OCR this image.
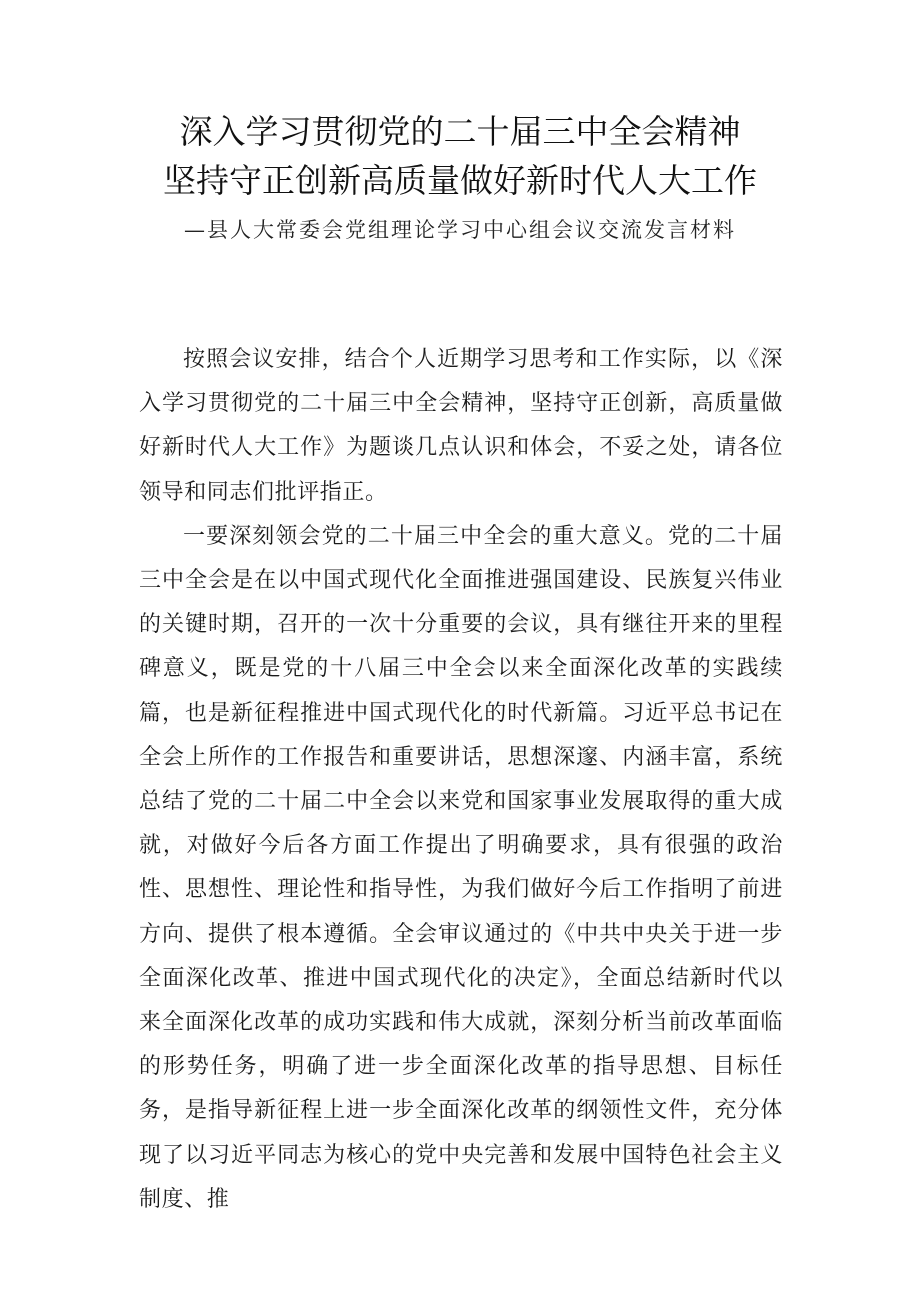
深入学习贯彻党的二十届三中全会精神
坚持守正创新高质量做好新时代人大工作
—县人大常委会党组理论学习中心组会议交流发言材料

按照会议安排，结合个人近期学习思考和工作实际，以《深入学习贯彻党的二十届三中全会精神，坚持守正创新，高质量做好新时代人大工作》为题谈几点认识和体会，不妥之处，请各位领导和同志们批评指正。

一要深刻领会党的二十届三中全会的重大意义。党的二十届三中全会是在以中国式现代化全面推进强国建设、民族复兴伟业的关键时期，召开的一次十分重要的会议，具有继往开来的里程碑意义，既是党的十八届三中全会以来全面深化改革的实践续篇，也是新征程推进中国式现代化的时代新篇。习近平总书记在全会上所作的工作报告和重要讲话，思想深邃、内涵丰富，系统总结了党的二十届二中全会以来党和国家事业发展取得的重大成就，对做好今后各方面工作提出了明确要求，具有很强的政治性、思想性、理论性和指导性，为我们做好今后工作指明了前进方向、提供了根本遵循。全会审议通过的《中共中央关于进一步全面深化改革、推进中国式现代化的决定》，全面总结新时代以来全面深化改革的成功实践和伟大成就，深刻分析当前改革面临的形势任务，明确了进一步全面深化改革的指导思想、目标任务，是指导新征程上进一步全面深化改革的纲领性文件，充分体现了以习近平同志为核心的党中央完善和发展中国特色社会主义制度、推
